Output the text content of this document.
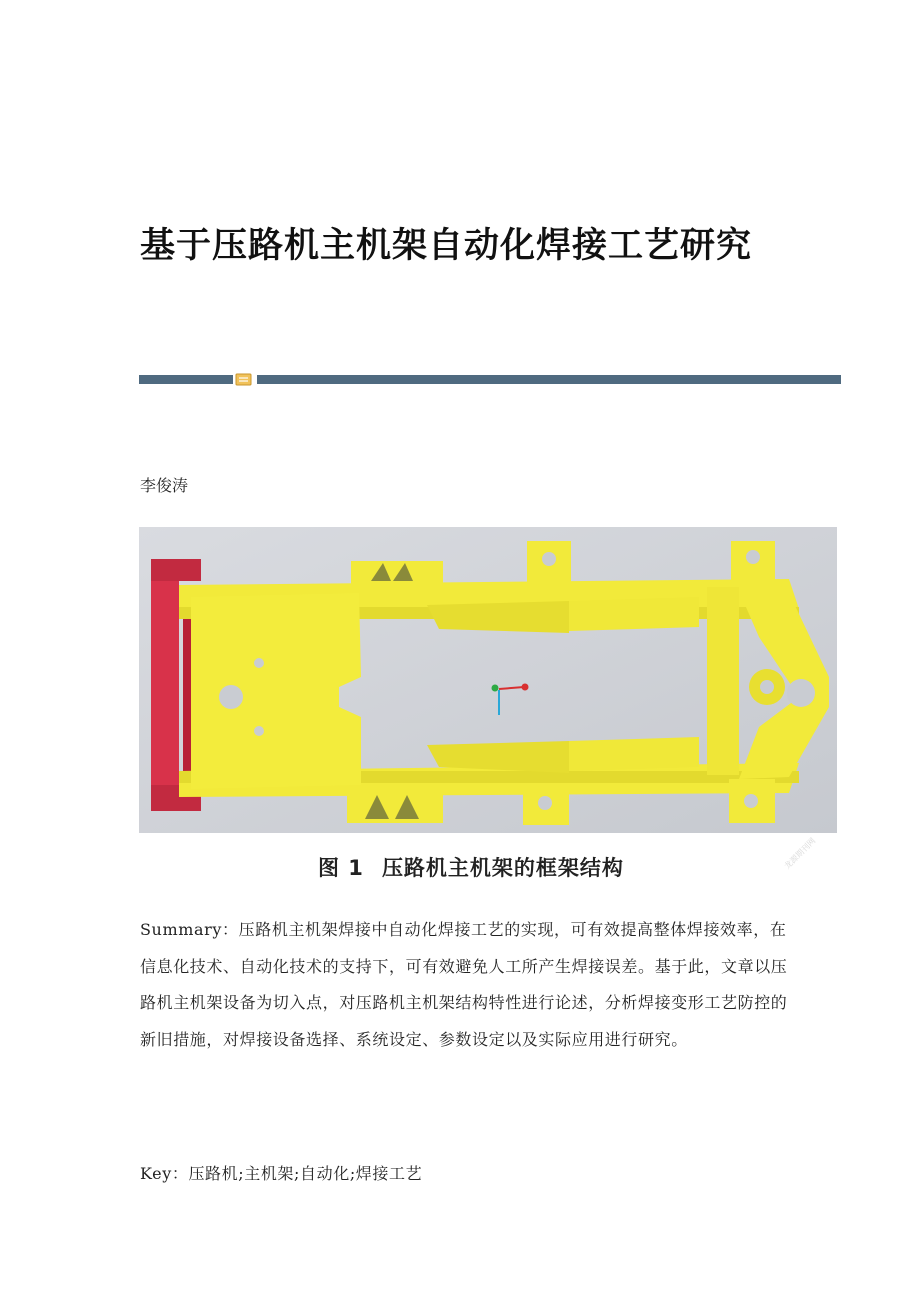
基于压路机主机架自动化焊接工艺研究
李俊涛
图 1 压路机主机架的框架结构	龙源期刊网
Summary：压路机主机架焊接中自动化焊接工艺的实现，可有效提高整体焊接效率，在信息化技术、自动化技术的支持下，可有效避免人工所产生焊接误差。基于此，文章以压路机主机架设备为切入点，对压路机主机架结构特性进行论述，分析焊接变形工艺防控的新旧措施，对焊接设备选择、系统设定、参数设定以及实际应用进行研究。
Key：压路机;主机架;自动化;焊接工艺
